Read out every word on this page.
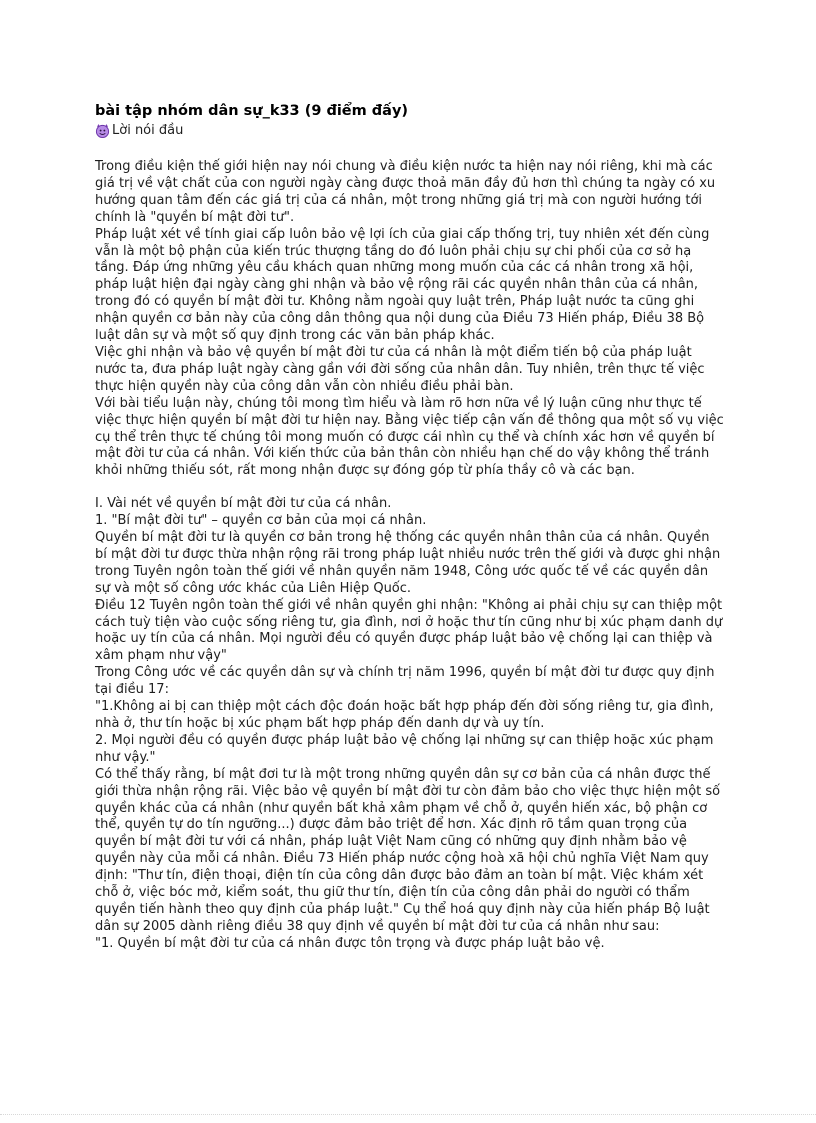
bài tập nhóm dân sự_k33 (9 điểm đấy)
Lời nói đầu

Trong điều kiện thế giới hiện nay nói chung và điều kiện nước ta hiện nay nói riêng, khi mà các giá trị về vật chất của con người ngày càng được thoả mãn đầy đủ hơn thì chúng ta ngày có xu hướng quan tâm đến các giá trị của cá nhân, một trong những giá trị mà con người hướng tới chính là "quyền bí mật đời tư".

Pháp luật xét về tính giai cấp luôn bảo vệ lợi ích của giai cấp thống trị, tuy nhiên xét đến cùng vẫn là một bộ phận của kiến trúc thượng tầng do đó luôn phải chịu sự chi phối của cơ sở hạ tầng. Đáp ứng những yêu cầu khách quan những mong muốn của các cá nhân trong xã hội, pháp luật hiện đại ngày càng ghi nhận và bảo vệ rộng rãi các quyền nhân thân của cá nhân, trong đó có quyền bí mật đời tư. Không nằm ngoài quy luật trên, Pháp luật nước ta cũng ghi nhận quyền cơ bản này của công dân thông qua nội dung của Điều 73 Hiến pháp, Điều 38 Bộ luật dân sự và một số quy định trong các văn bản pháp khác.

Việc ghi nhận và bảo vệ quyền bí mật đời tư của cá nhân là một điểm tiến bộ của pháp luật nước ta, đưa pháp luật ngày càng gần với đời sống của nhân dân. Tuy nhiên, trên thực tế việc thực hiện quyền này của công dân vẫn còn nhiều điều phải bàn.

Với bài tiểu luận này, chúng tôi mong tìm hiểu và làm rõ hơn nữa về lý luận cũng như thực tế việc thực hiện quyền bí mật đời tư hiện nay. Bằng việc tiếp cận vấn đề thông qua một số vụ việc cụ thể trên thực tế chúng tôi mong muốn có được cái nhìn cụ thể và chính xác hơn về quyền bí mật đời tư của cá nhân. Với kiến thức của bản thân còn nhiều hạn chế do vậy không thể tránh khỏi những thiếu sót, rất mong nhận được sự đóng góp từ phía thầy cô và các bạn.

I. Vài nét về quyền bí mật đời tư của cá nhân.

1. "Bí mật đời tư" – quyền cơ bản của mọi cá nhân.

Quyền bí mật đời tư là quyền cơ bản trong hệ thống các quyền nhân thân của cá nhân. Quyền bí mật đời tư được thừa nhận rộng rãi trong pháp luật nhiều nước trên thế giới và được ghi nhận trong Tuyên ngôn toàn thế giới về nhân quyền năm 1948, Công ước quốc tế về các quyền dân sự và một số công ước khác của Liên Hiệp Quốc.

Điều 12 Tuyên ngôn toàn thế giới về nhân quyền ghi nhận: "Không ai phải chịu sự can thiệp một cách tuỳ tiện vào cuộc sống riêng tư, gia đình, nơi ở hoặc thư tín cũng như bị xúc phạm danh dự hoặc uy tín của cá nhân. Mọi người đều có quyền được pháp luật bảo vệ chống lại can thiệp và xâm phạm như vậy"

Trong Công ước về các quyền dân sự và chính trị năm 1996, quyền bí mật đời tư được quy định tại điều 17:

"1.Không ai bị can thiệp một cách độc đoán hoặc bất hợp pháp đến đời sống riêng tư, gia đình, nhà ở, thư tín hoặc bị xúc phạm bất hợp pháp đến danh dự và uy tín.

2. Mọi người đều có quyền được pháp luật bảo vệ chống lại những sự can thiệp hoặc xúc phạm như vậy."

Có thể thấy rằng, bí mật đơi tư là một trong những quyền dân sự cơ bản của cá nhân được thế giới thừa nhận rộng rãi. Việc bảo vệ quyền bí mật đời tư còn đảm bảo cho việc thực hiện một số quyền khác của cá nhân (như quyền bất khả xâm phạm về chỗ ở, quyền hiến xác, bộ phận cơ thể, quyền tự do tín ngưỡng...) được đảm bảo triệt để hơn. Xác định rõ tầm quan trọng của quyền bí mật đời tư với cá nhân, pháp luật Việt Nam cũng có những quy định nhằm bảo vệ quyền này của mỗi cá nhân. Điều 73 Hiến pháp nước cộng hoà xã hội chủ nghĩa Việt Nam quy định: "Thư tín, điện thoại, điện tín của công dân được bảo đảm an toàn bí mật. Việc khám xét chỗ ở, việc bóc mở, kiểm soát, thu giữ thư tín, điện tín của công dân phải do người có thẩm quyền tiến hành theo quy định của pháp luật." Cụ thể hoá quy định này của hiến pháp Bộ luật dân sự 2005 dành riêng điều 38 quy định về quyền bí mật đời tư của cá nhân như sau:

"1. Quyền bí mật đời tư của cá nhân được tôn trọng và được pháp luật bảo vệ.
